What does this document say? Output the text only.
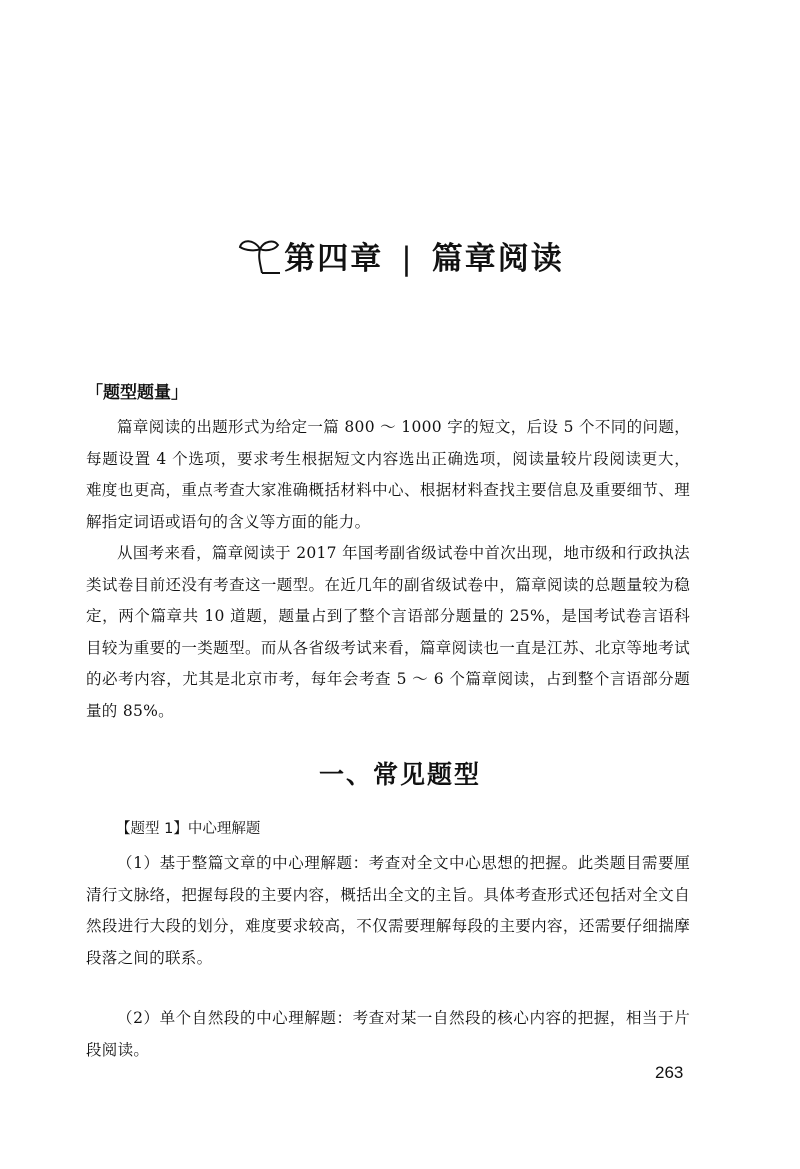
第四章 | 篇章阅读
「题型题量」

篇章阅读的出题形式为给定一篇 800 ～ 1000 字的短文，后设 5 个不同的问题，每题设置 4 个选项，要求考生根据短文内容选出正确选项，阅读量较片段阅读更大，难度也更高，重点考查大家准确概括材料中心、根据材料查找主要信息及重要细节、理解指定词语或语句的含义等方面的能力。

从国考来看，篇章阅读于 2017 年国考副省级试卷中首次出现，地市级和行政执法类试卷目前还没有考查这一题型。在近几年的副省级试卷中，篇章阅读的总题量较为稳定，两个篇章共 10 道题，题量占到了整个言语部分题量的 25%，是国考试卷言语科目较为重要的一类题型。而从各省级考试来看，篇章阅读也一直是江苏、北京等地考试的必考内容，尤其是北京市考，每年会考查 5 ～ 6 个篇章阅读，占到整个言语部分题量的 85%。

一、常见题型
【题型 1】中心理解题

（1）基于整篇文章的中心理解题：考查对全文中心思想的把握。此类题目需要厘清行文脉络，把握每段的主要内容，概括出全文的主旨。具体考查形式还包括对全文自然段进行大段的划分，难度要求较高，不仅需要理解每段的主要内容，还需要仔细揣摩段落之间的联系。

（2）单个自然段的中心理解题：考查对某一自然段的核心内容的把握，相当于片段阅读。

263
